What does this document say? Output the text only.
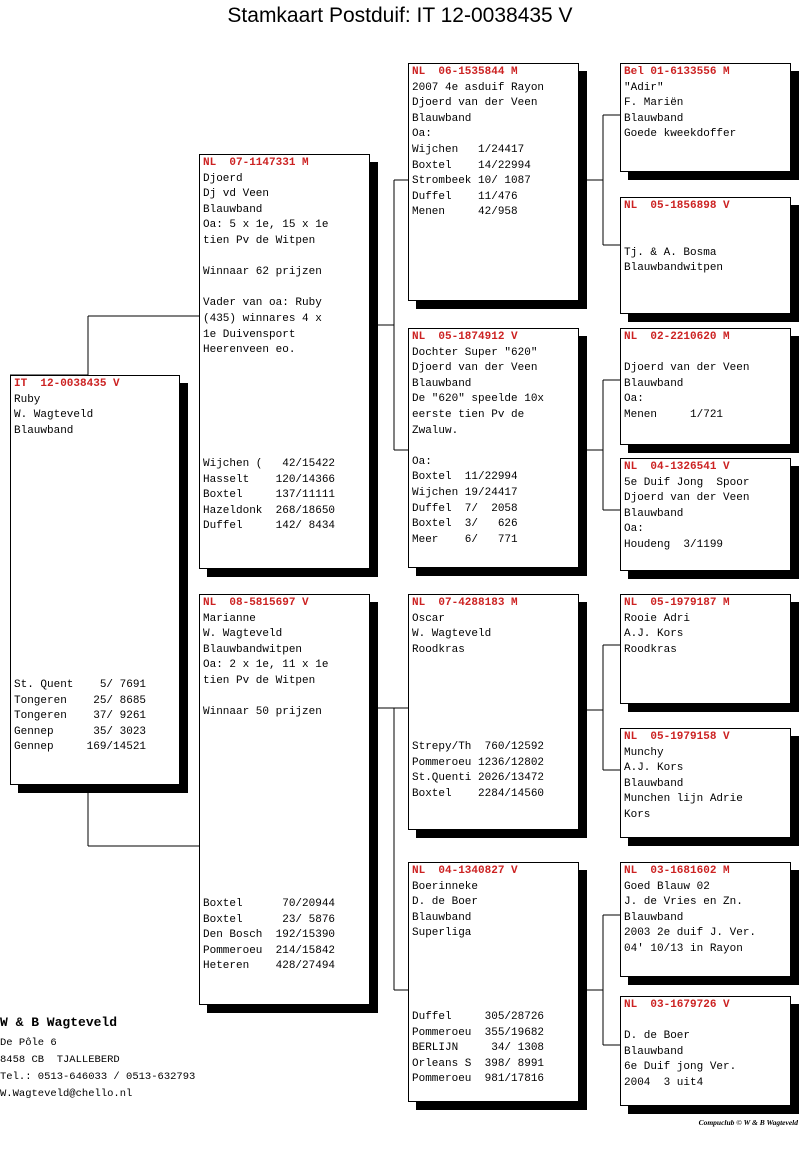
Stamkaart Postduif: IT 12-0038435 V
IT  12-0038435 V
Ruby
W. Wagteveld
Blauwband
St. Quent    5/ 7691
Tongeren    25/ 8685
Tongeren    37/ 9261
Gennep      35/ 3023
Gennep     169/14521
NL  07-1147331 M
Djoerd
Dj vd Veen
Blauwband
Oa: 5 x 1e, 15 x 1e
tien Pv de Witpen
Winnaar 62 prijzen
Vader van oa: Ruby
(435) winnares 4 x
1e Duivensport
Heerenveen eo.
Wijchen (   42/15422
Hasselt    120/14366
Boxtel     137/11111
Hazeldonk  268/18650
Duffel     142/ 8434
NL  08-5815697 V
Marianne
W. Wagteveld
Blauwbandwitpen
Oa: 2 x 1e, 11 x 1e
tien Pv de Witpen
Winnaar 50 prijzen
Boxtel      70/20944
Boxtel      23/ 5876
Den Bosch  192/15390
Pommeroeu  214/15842
Heteren    428/27494
NL  06-1535844 M
2007 4e asduif Rayon
Djoerd van der Veen
Blauwband
Oa:
Wijchen   1/24417
Boxtel    14/22994
Strombeek 10/ 1087
Duffel    11/476
Menen     42/958
NL  05-1874912 V
Dochter Super "620"
Djoerd van der Veen
Blauwband
De "620" speelde 10x
eerste tien Pv de
Zwaluw.
Oa:
Boxtel  11/22994
Wijchen 19/24417
Duffel  7/  2058
Boxtel  3/   626
Meer    6/   771
NL  07-4288183 M
Oscar
W. Wagteveld
Roodkras
Strepy/Th  760/12592
Pommeroeu 1236/12802
St.Quenti 2026/13472
Boxtel    2284/14560
NL  04-1340827 V
Boerinneke
D. de Boer
Blauwband
Superliga
Duffel     305/28726
Pommeroeu  355/19682
BERLIJN     34/ 1308
Orleans S  398/ 8991
Pommeroeu  981/17816
Bel 01-6133556 M
"Adir"
F. Mariën
Blauwband
Goede kweekdoffer
NL  05-1856898 V
Tj. & A. Bosma
Blauwbandwitpen
NL  02-2210620 M
Djoerd van der Veen
Blauwband
Oa:
Menen     1/721
NL  04-1326541 V
5e Duif Jong  Spoor
Djoerd van der Veen
Blauwband
Oa:
Houdeng  3/1199
NL  05-1979187 M
Rooie Adri
A.J. Kors
Roodkras
NL  05-1979158 V
Munchy
A.J. Kors
Blauwband
Munchen lijn Adrie
Kors
NL  03-1681602 M
Goed Blauw 02
J. de Vries en Zn.
Blauwband
2003 2e duif J. Ver.
04' 10/13 in Rayon
NL  03-1679726 V
D. de Boer
Blauwband
6e Duif jong Ver.
2004  3 uit4
W & B Wagteveld
De Pôle 6
8458 CB  TJALLEBERD
Tel.: 0513-646033 / 0513-632793
W.Wagteveld@chello.nl
Compuclub © W & B Wagteveld
